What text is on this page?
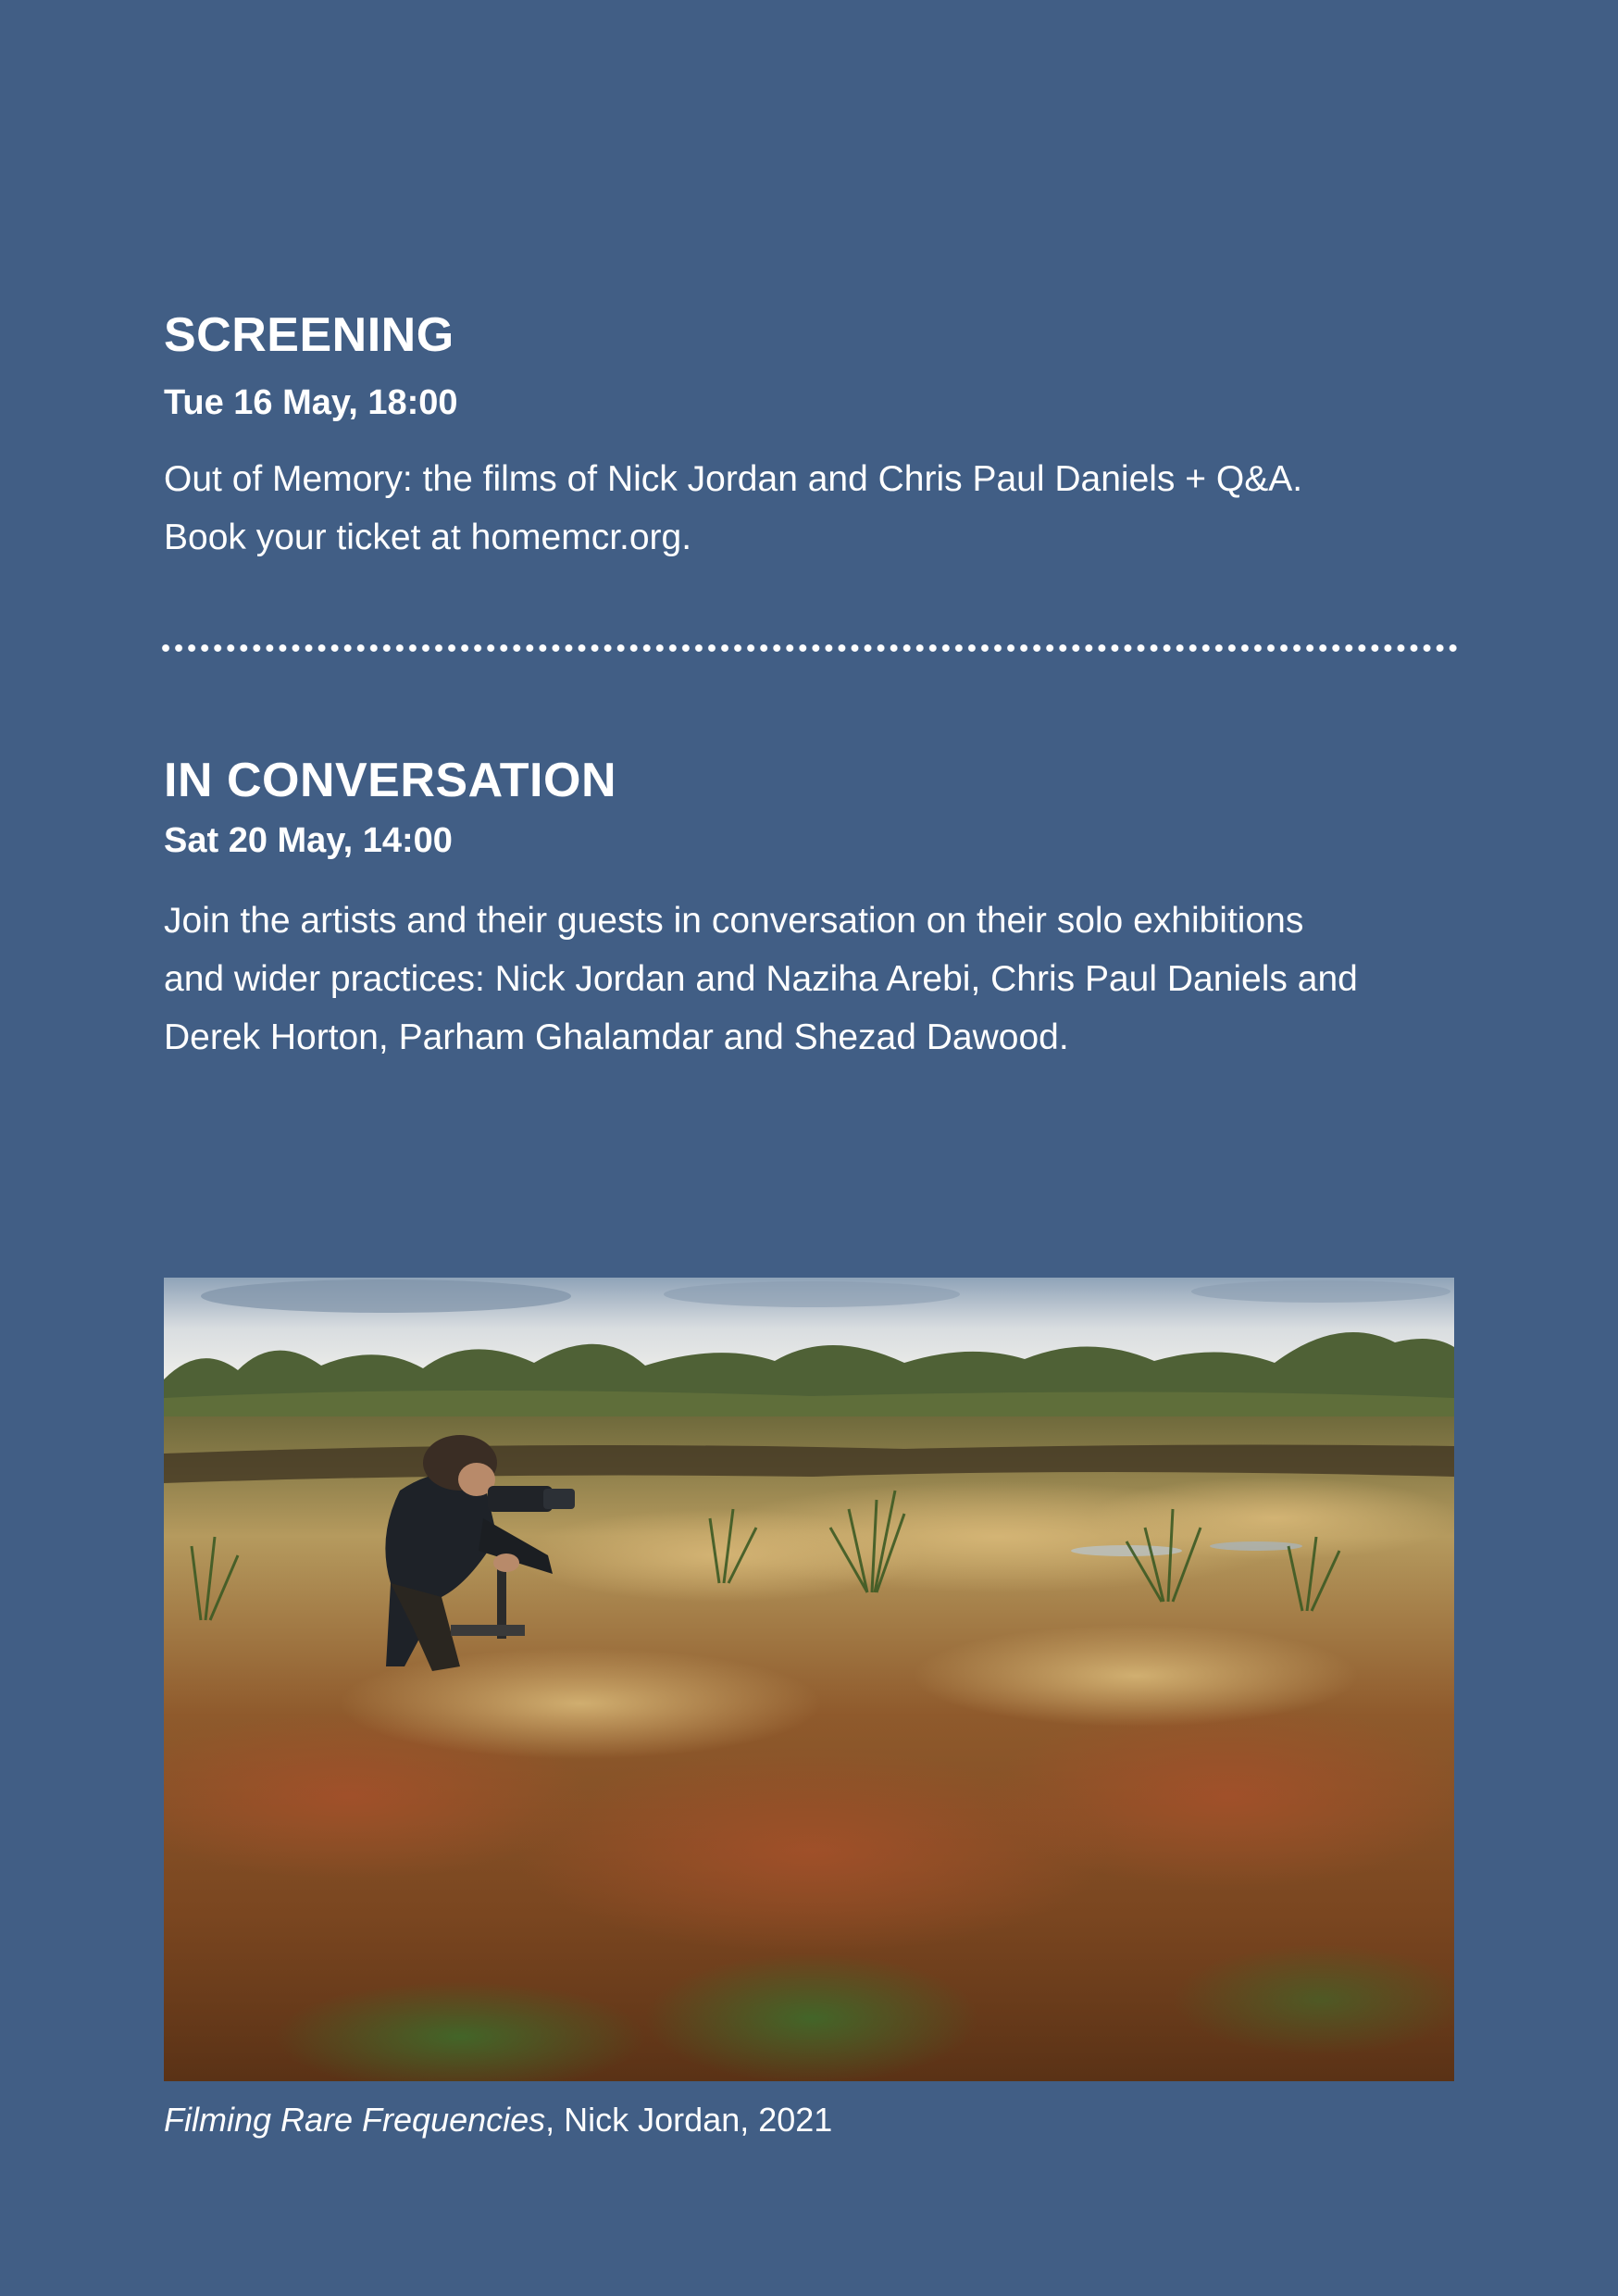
SCREENING

Tue 16 May, 18:00

Out of Memory: the films of Nick Jordan and Chris Paul Daniels + Q&A.
Book your ticket at homemcr.org.

IN CONVERSATION

Sat 20 May, 14:00

Join the artists and their guests in conversation on their solo exhibitions
and wider practices: Nick Jordan and Naziha Arebi, Chris Paul Daniels and
Derek Horton, Parham Ghalamdar and Shezad Dawood.

Filming Rare Frequencies, Nick Jordan, 2021
